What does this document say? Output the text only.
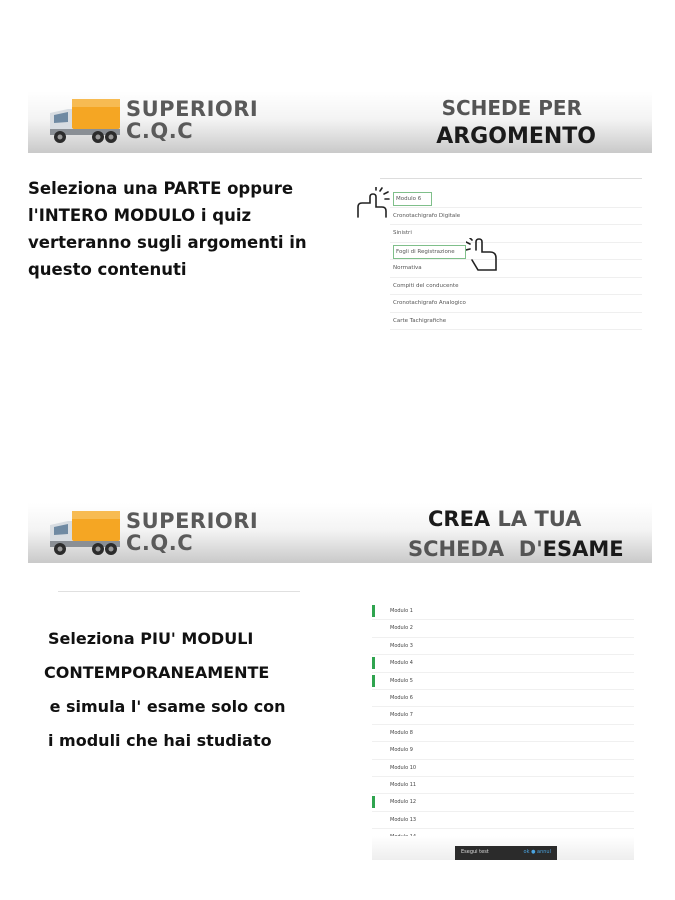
SUPERIORI
C.Q.C
SCHEDE PER
ARGOMENTO
Seleziona una PARTE oppure
l'INTERO MODULO i quiz
verteranno sugli argomenti in
questo contenuti
Modulo 6
Cronotachigrafo Digitale
Sinistri
Fogli di Registrazione
Normativa
Compiti del conducente
Cronotachigrafo Analogico
Carte Tachigrafiche
SUPERIORI
C.Q.C
CREA LA TUA
SCHEDA  D'ESAME
Seleziona PIU' MODULI
CONTEMPORANEAMENTE
e simula l' esame solo con
i moduli che hai studiato
Modulo 1
Modulo 2
Modulo 3
Modulo 4
Modulo 5
Modulo 6
Modulo 7
Modulo 8
Modulo 9
Modulo 10
Modulo 11
Modulo 12
Modulo 13
Esegui test	ok ● annul
